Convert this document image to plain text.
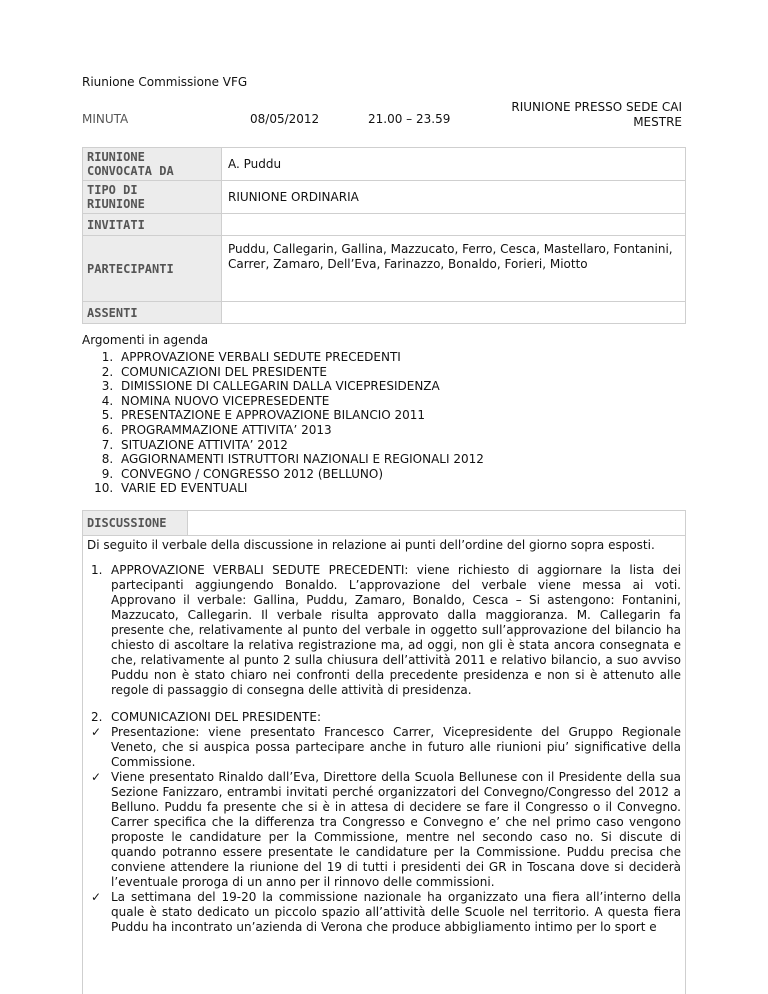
Riunione Commissione VFG
MINUTA	08/05/2012	21.00 – 23.59
RIUNIONE PRESSO SEDE CAI
MESTRE
RIUNIONE
CONVOCATA DA	A. Puddu

TIPO DI
RIUNIONE	RIUNIONE ORDINARIA
INVITATI	
PARTECIPANTI	Puddu, Callegarin, Gallina, Mazzucato, Ferro, Cesca, Mastellaro, Fontanini,
Carrer, Zamaro, Dell’Eva, Farinazzo, Bonaldo, Forieri, Miotto

ASSENTI	
Argomenti in agenda
1. APPROVAZIONE VERBALI SEDUTE PRECEDENTI
2. COMUNICAZIONI DEL PRESIDENTE
3. DIMISSIONE DI CALLEGARIN DALLA VICEPRESIDENZA
4. NOMINA NUOVO VICEPRESEDENTE
5. PRESENTAZIONE E APPROVAZIONE BILANCIO 2011
6. PROGRAMMAZIONE ATTIVITA’ 2013
7. SITUAZIONE ATTIVITA’ 2012
8. AGGIORNAMENTI ISTRUTTORI NAZIONALI E REGIONALI 2012
9. CONVEGNO / CONGRESSO 2012 (BELLUNO)
10. VARIE ED EVENTUALI
DISCUSSIONE

Di seguito il verbale della discussione in relazione ai punti dell’ordine del giorno sopra esposti.

1. APPROVAZIONE VERBALI SEDUTE PRECEDENTI: viene richiesto di aggiornare la lista dei partecipanti aggiungendo Bonaldo. L’approvazione del verbale viene messa ai voti. Approvano il verbale: Gallina, Puddu, Zamaro, Bonaldo, Cesca – Si astengono: Fontanini, Mazzucato, Callegarin. Il verbale risulta approvato dalla maggioranza. M. Callegarin fa presente che, relativamente al punto del verbale in oggetto sull’approvazione del bilancio ha chiesto di ascoltare la relativa registrazione ma, ad oggi, non gli è stata ancora consegnata e che, relativamente al punto 2 sulla chiusura dell’attività 2011 e relativo bilancio, a suo avviso Puddu non è stato chiaro nei confronti della precedente presidenza e non si è attenuto alle regole di passaggio di consegna delle attività di presidenza.
2. COMUNICAZIONI DEL PRESIDENTE:
✓ Presentazione: viene presentato Francesco Carrer, Vicepresidente del Gruppo Regionale Veneto, che si auspica possa partecipare anche in futuro alle riunioni piu’ significative della Commissione.
✓ Viene presentato Rinaldo dall’Eva, Direttore della Scuola Bellunese con il Presidente della sua Sezione Fanizzaro, entrambi invitati perché organizzatori del Convegno/Congresso del 2012 a Belluno. Puddu fa presente che si è in attesa di decidere se fare il Congresso o il Convegno. Carrer specifica che la differenza tra Congresso e Convegno e’ che nel primo caso vengono proposte le candidature per la Commissione, mentre nel secondo caso no. Si discute di quando potranno essere presentate le candidature per la Commissione. Puddu precisa che conviene attendere la riunione del 19 di tutti i presidenti dei GR in Toscana dove si deciderà l’eventuale proroga di un anno per il rinnovo delle commissioni.
✓ La settimana del 19-20 la commissione nazionale ha organizzato una fiera all’interno della quale è stato dedicato un piccolo spazio all’attività delle Scuole nel territorio. A questa fiera Puddu ha incontrato un’azienda di Verona che produce abbigliamento intimo per lo sport e
